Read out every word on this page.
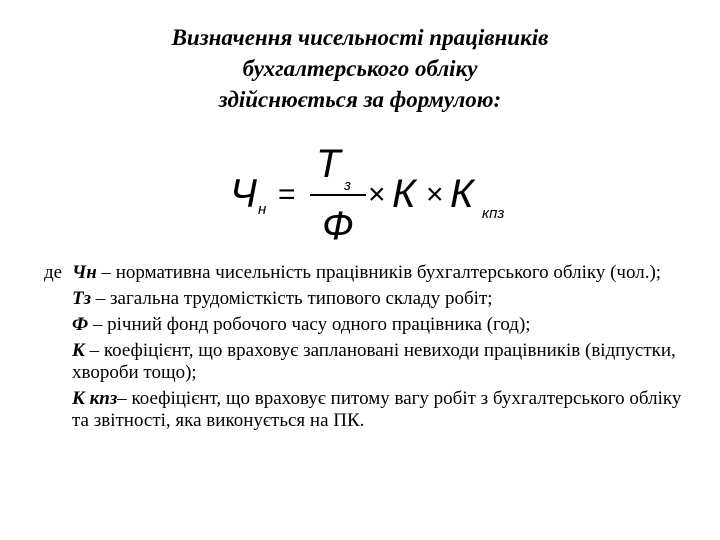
Визначення чисельності працівників
бухгалтерського обліку
здійснюється за формулою:
Ч н =
Т з
Ф
× К × К кпз
де Чн – нормативна чисельність працівників бухгалтерського обліку (чол.);
Тз – загальна трудомісткість типового складу робіт;
Ф – річний фонд робочого часу одного працівника (год);
К – коефіцієнт, що враховує заплановані невиходи працівників (відпустки, хвороби тощо);
К кпз– коефіцієнт, що враховує питому вагу робіт з бухгалтерського обліку та звітності, яка виконується на ПК.
